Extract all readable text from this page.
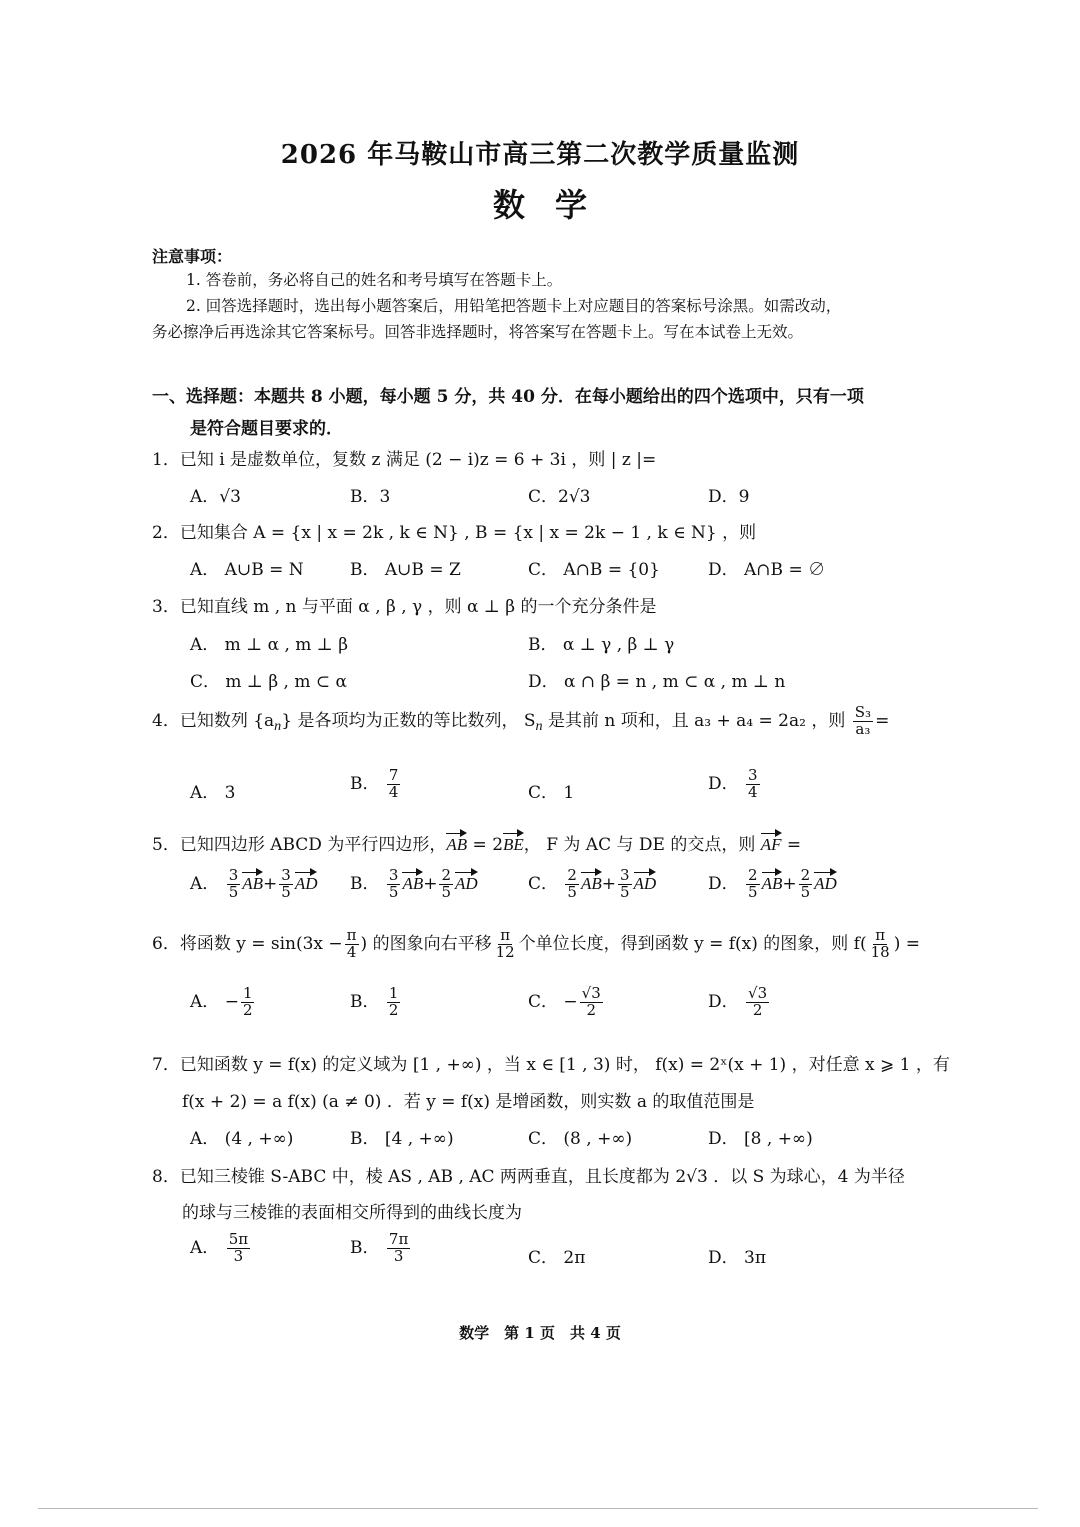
2026 年马鞍山市高三第二次教学质量监测
数学
注意事项：
1. 答卷前，务必将自己的姓名和考号填写在答题卡上。
2. 回答选择题时，选出每小题答案后，用铅笔把答题卡上对应题目的答案标号涂黑。如需改动，
务必擦净后再选涂其它答案标号。回答非选择题时，将答案写在答题卡上。写在本试卷上无效。
一、选择题：本题共 8 小题，每小题 5 分，共 40 分．在每小题给出的四个选项中，只有一项
是符合题目要求的．
1．已知 i 是虚数单位，复数 z 满足 (2 − i)z = 6 + 3i ，则 | z |=
A．√3	B．3	C．2√3	D．9
2．已知集合 A = {x | x = 2k , k ∈ N} , B = {x | x = 2k − 1 , k ∈ N} ，则
A． A∪B = N	B． A∪B = Z	C． A∩B = {0}	D． A∩B = ∅
3．已知直线 m , n 与平面 α , β , γ ，则 α ⊥ β 的一个充分条件是
A． m ⊥ α , m ⊥ β	B． α ⊥ γ , β ⊥ γ
C． m ⊥ β , m ⊂ α	D． α ∩ β = n , m ⊂ α , m ⊥ n
4．已知数列 $\{a_n\}$ 是各项均为正数的等比数列， $S_n$ 是其前 n 项和，且 a₃ + a₄ = 2a₂ ，则 $\frac{\text{S₃}}{\text{a₃}}$ =
A． 3	B． $\frac{7}{4}$	C． 1	D． $\frac{3}{4}$
5．已知四边形 ABCD 为平行四边形，AB = 2BE， F 为 AC 与 DE 的交点，则 AF =
A． $\frac{3}{5} AB+ \frac{3}{5}$ AD B． $\frac{3}{5} AB+ \frac{2}{5}$ AD	C． $\frac{2}{5} AB+ \frac{3}{5}$ AD	D． $\frac{2}{5} AB+ \frac{2}{5}$ AD
6．将函数 $y = \sin(3x - \frac{\pi}{4}$ ) 的图象向右平移 $\frac{\pi}{12}$ 个单位长度，得到函数 y = f(x) 的图象，则 $f( \frac{\pi}{18}$ ) =
A． − $\frac{1}{2}$	B． $\frac{1}{2}$	C． − $\frac{√3}{2}$	D． $\frac{√3}{2}$
7．已知函数 y = f(x) 的定义域为 [1 , +∞) ，当 x ∈ [1 , 3) 时， f(x) = 2ˣ(x + 1) ，对任意 x ⩾ 1 ，有
f(x + 2) = a f(x) (a ≠ 0) ．若 y = f(x) 是增函数，则实数 a 的取值范围是
A． (4 , +∞)	B． [4 , +∞)	C． (8 , +∞)	D． [8 , +∞)
8．已知三棱锥 S-ABC 中，棱 AS , AB , AC 两两垂直，且长度都为 2√3 ．以 S 为球心，4 为半径
的球与三棱锥的表面相交所得到的曲线长度为
A． $\frac{5\pi}{3}$	B． $\frac{7\pi}{3}$	C． 2π	D． 3π
数学　第 1 页　共 4 页
